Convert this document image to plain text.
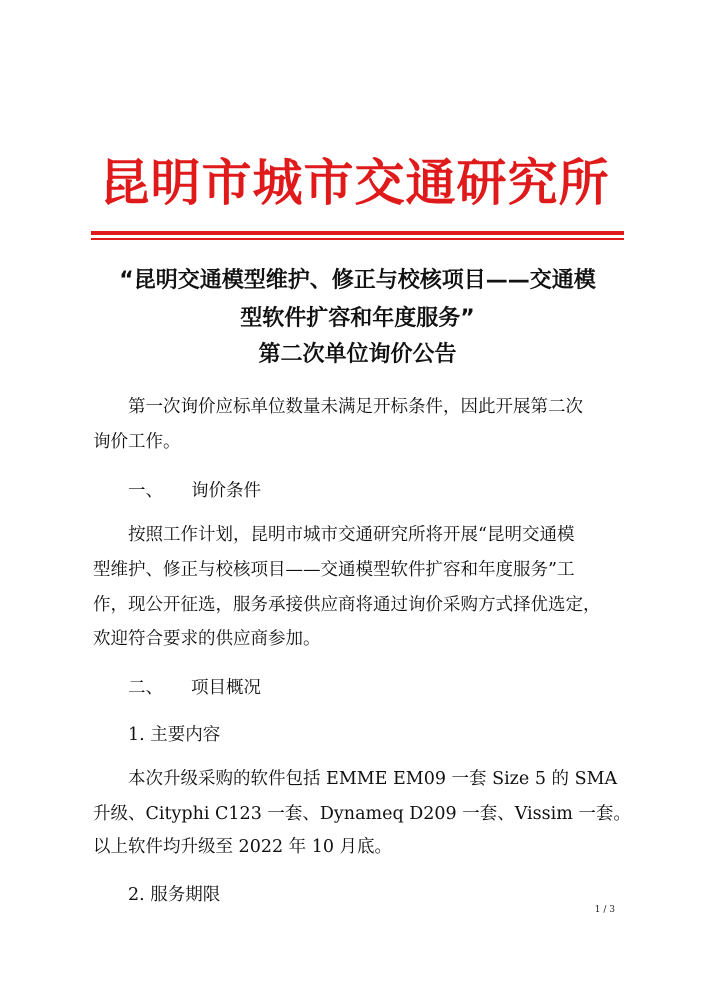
昆明市城市交通研究所
“昆明交通模型维护、修正与校核项目——交通模
型软件扩容和年度服务”
第二次单位询价公告
第一次询价应标单位数量未满足开标条件，因此开展第二次
询价工作。
一、 询价条件
按照工作计划，昆明市城市交通研究所将开展“昆明交通模
型维护、修正与校核项目——交通模型软件扩容和年度服务”工
作，现公开征选，服务承接供应商将通过询价采购方式择优选定，
欢迎符合要求的供应商参加。
二、 项目概况
1. 主要内容
本次升级采购的软件包括 EMME EM09 一套 Size 5 的 SMA
升级、Cityphi C123 一套、Dynameq D209 一套、Vissim 一套。
以上软件均升级至 2022 年 10 月底。
2. 服务期限
1 / 3
